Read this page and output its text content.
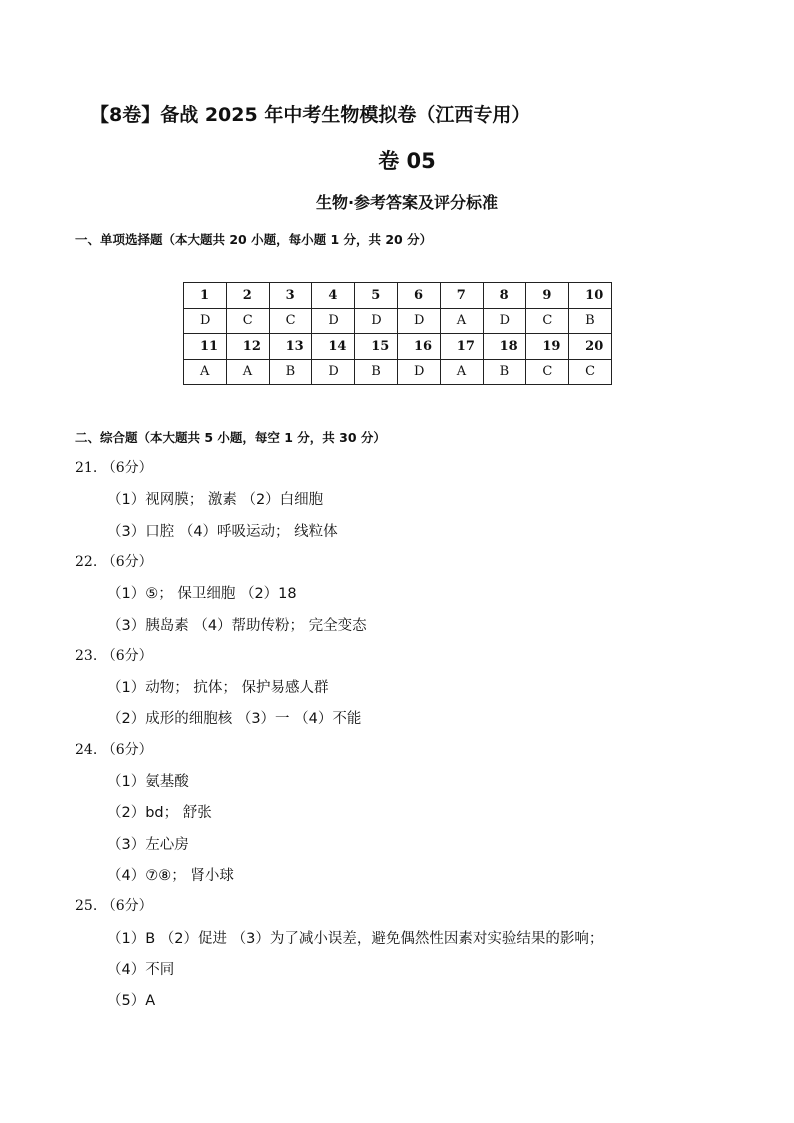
【8卷】备战 2025 年中考生物模拟卷（江西专用）
卷 05
生物·参考答案及评分标准
一、单项选择题（本大题共 20 小题，每小题 1 分，共 20 分）
1	2	3	4	5	6	7	8	9	10
D	C	C	D	D	D	A	D	C	B
11	12	13	14	15	16	17	18	19	20
A	A	B	D	B	D	A	B	C	C
二、综合题（本大题共 5 小题，每空 1 分，共 30 分）
21. （6分）
（1）视网膜； 激素 （2）白细胞
（3）口腔 （4）呼吸运动； 线粒体
22. （6分）
（1）⑤； 保卫细胞 （2）18
（3）胰岛素 （4）帮助传粉； 完全变态
23. （6分）
（1）动物； 抗体； 保护易感人群
（2）成形的细胞核 （3）一 （4）不能
24. （6分）
（1）氨基酸
（2）bd； 舒张
（3）左心房
（4）⑦⑧； 肾小球
25. （6分）
（1）B （2）促进 （3）为了减小误差，避免偶然性因素对实验结果的影响；
（4）不同
（5）A
